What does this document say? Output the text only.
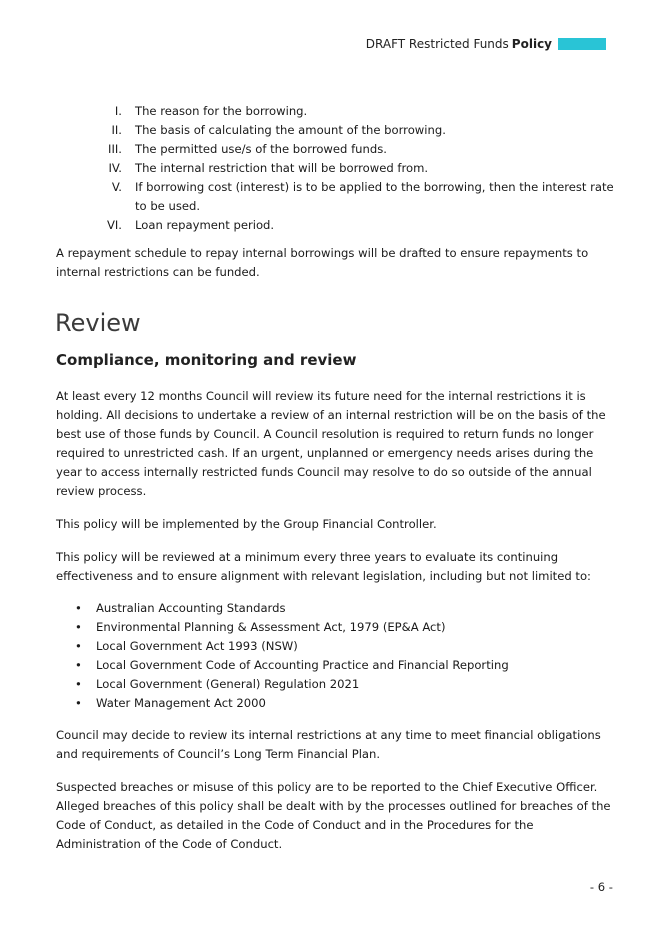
DRAFT Restricted Funds Policy
I.	The reason for the borrowing.
II.	The basis of calculating the amount of the borrowing.
III.	The permitted use/s of the borrowed funds.
IV.	The internal restriction that will be borrowed from.
V.	If borrowing cost (interest) is to be applied to the borrowing, then the interest rate to be used.
VI.	Loan repayment period.

A repayment schedule to repay internal borrowings will be drafted to ensure repayments to internal restrictions can be funded.

Review
Compliance, monitoring and review

At least every 12 months Council will review its future need for the internal restrictions it is holding. All decisions to undertake a review of an internal restriction will be on the basis of the best use of those funds by Council. A Council resolution is required to return funds no longer required to unrestricted cash. If an urgent, unplanned or emergency needs arises during the year to access internally restricted funds Council may resolve to do so outside of the annual review process.

This policy will be implemented by the Group Financial Controller.

This policy will be reviewed at a minimum every three years to evaluate its continuing effectiveness and to ensure alignment with relevant legislation, including but not limited to:

•	Australian Accounting Standards
•	Environmental Planning & Assessment Act, 1979 (EP&A Act)
•	Local Government Act 1993 (NSW)
•	Local Government Code of Accounting Practice and Financial Reporting
•	Local Government (General) Regulation 2021
•	Water Management Act 2000

Council may decide to review its internal restrictions at any time to meet financial obligations and requirements of Council’s Long Term Financial Plan.

Suspected breaches or misuse of this policy are to be reported to the Chief Executive Officer. Alleged breaches of this policy shall be dealt with by the processes outlined for breaches of the Code of Conduct, as detailed in the Code of Conduct and in the Procedures for the Administration of the Code of Conduct.

- 6 -
